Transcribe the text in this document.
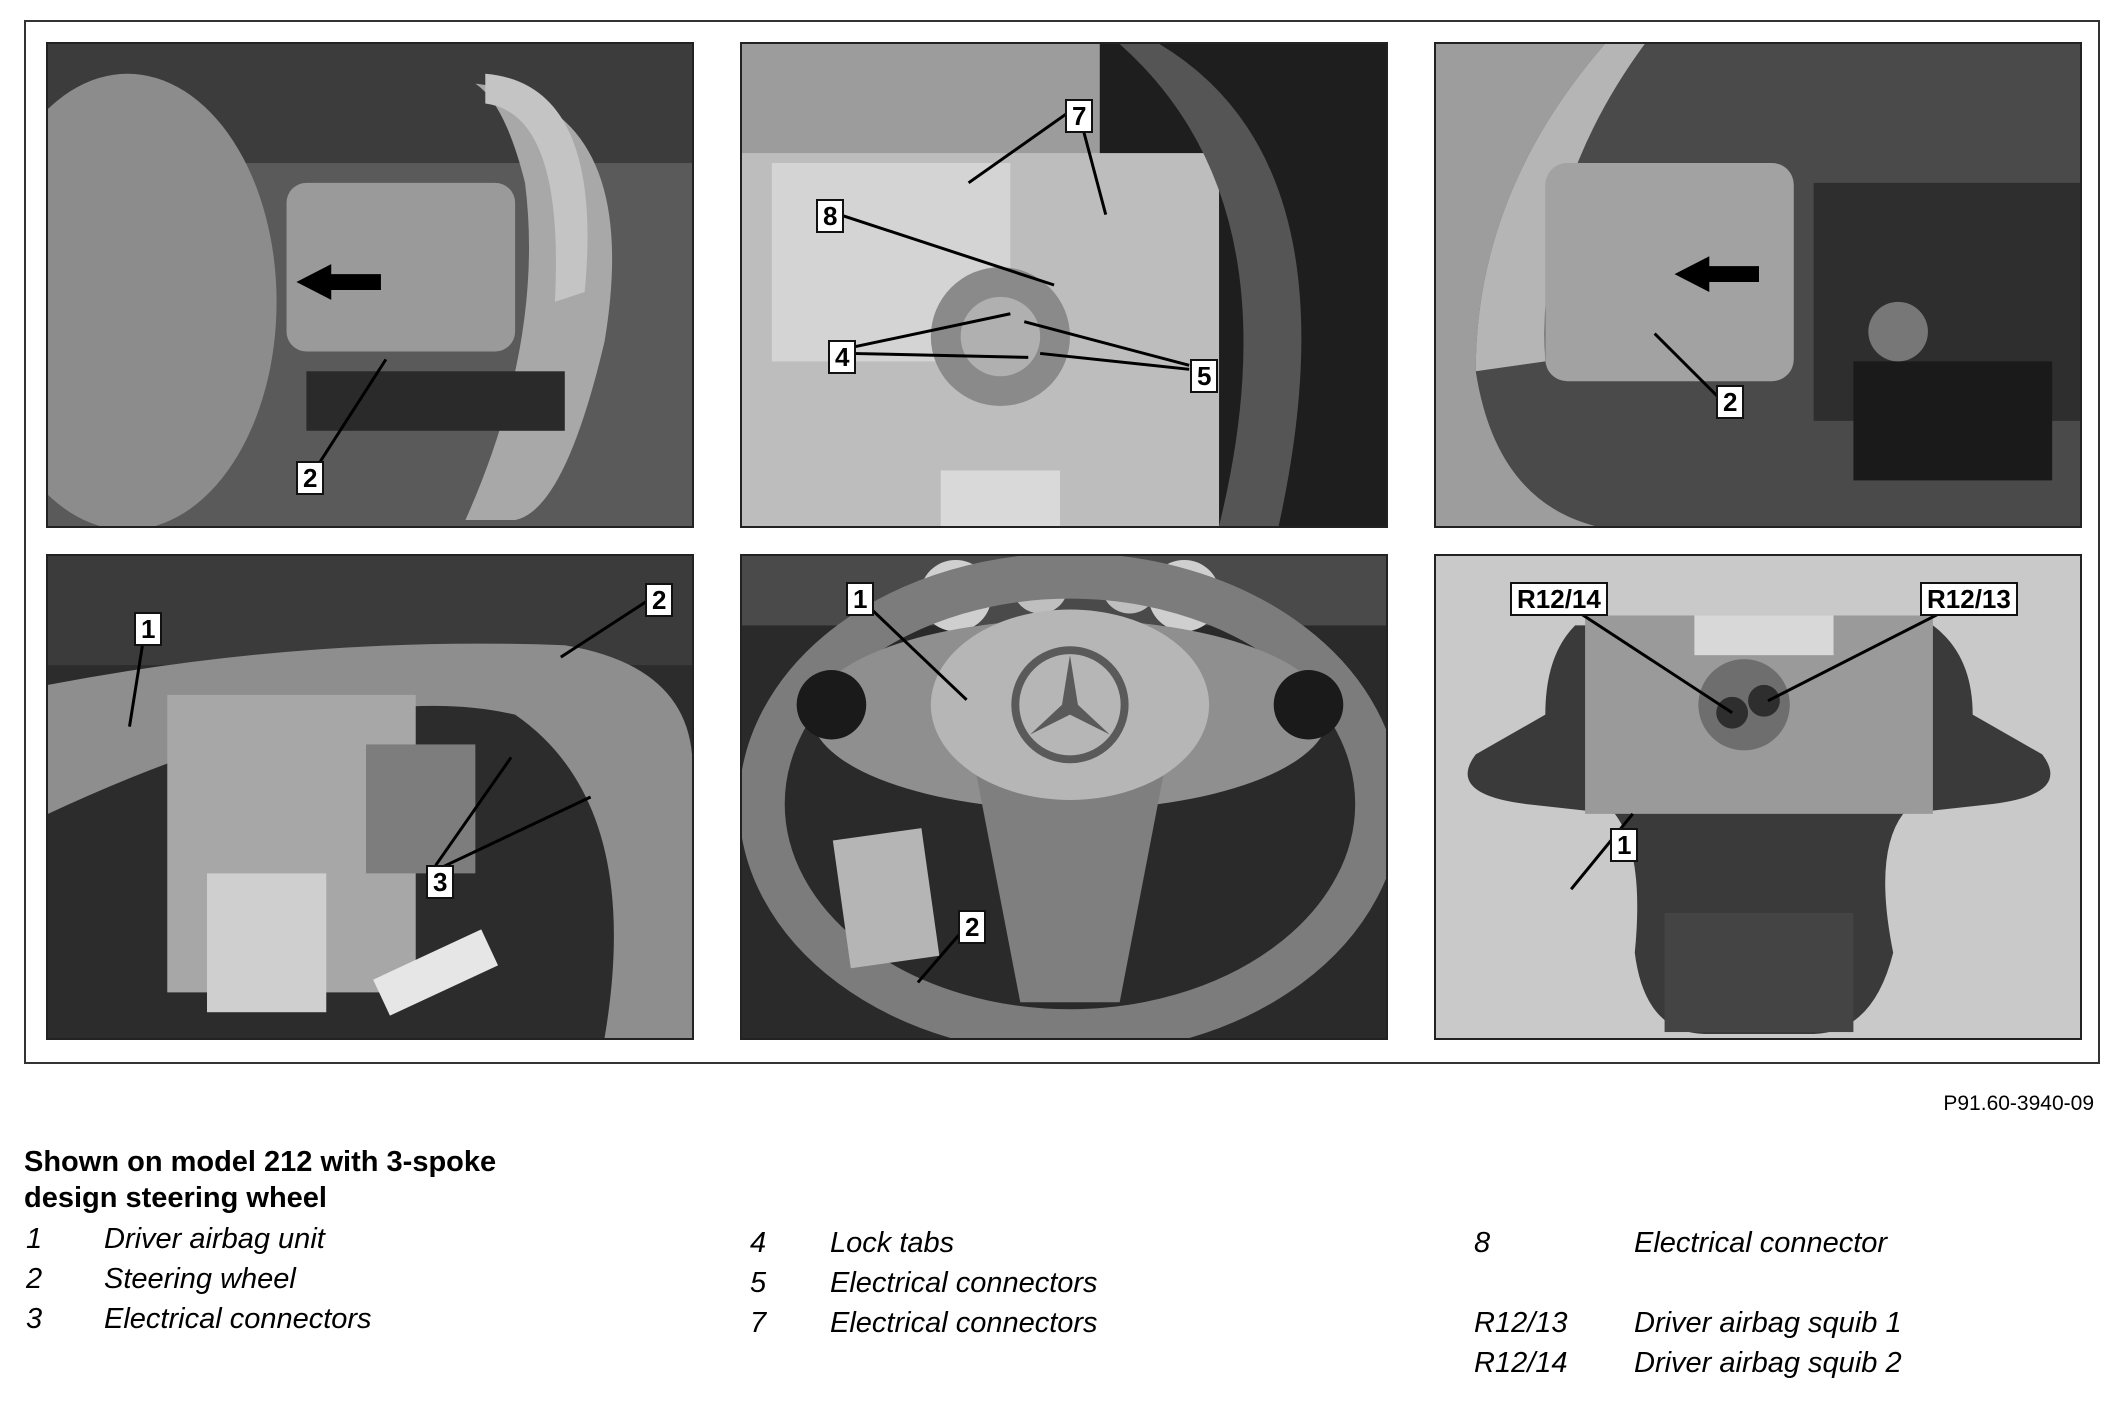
2
7
8
4
5
2
1
2
3
1
2
R12/14	R12/13
1
P91.60-3940-09
Shown on model 212 with 3-spoke design steering wheel
1 Driver airbag unit
2 Steering wheel
3 Electrical connectors
4 Lock tabs
5 Electrical connectors
7 Electrical connectors
8	Electrical connector
R12/13 Driver airbag squib 1
R12/14 Driver airbag squib 2
